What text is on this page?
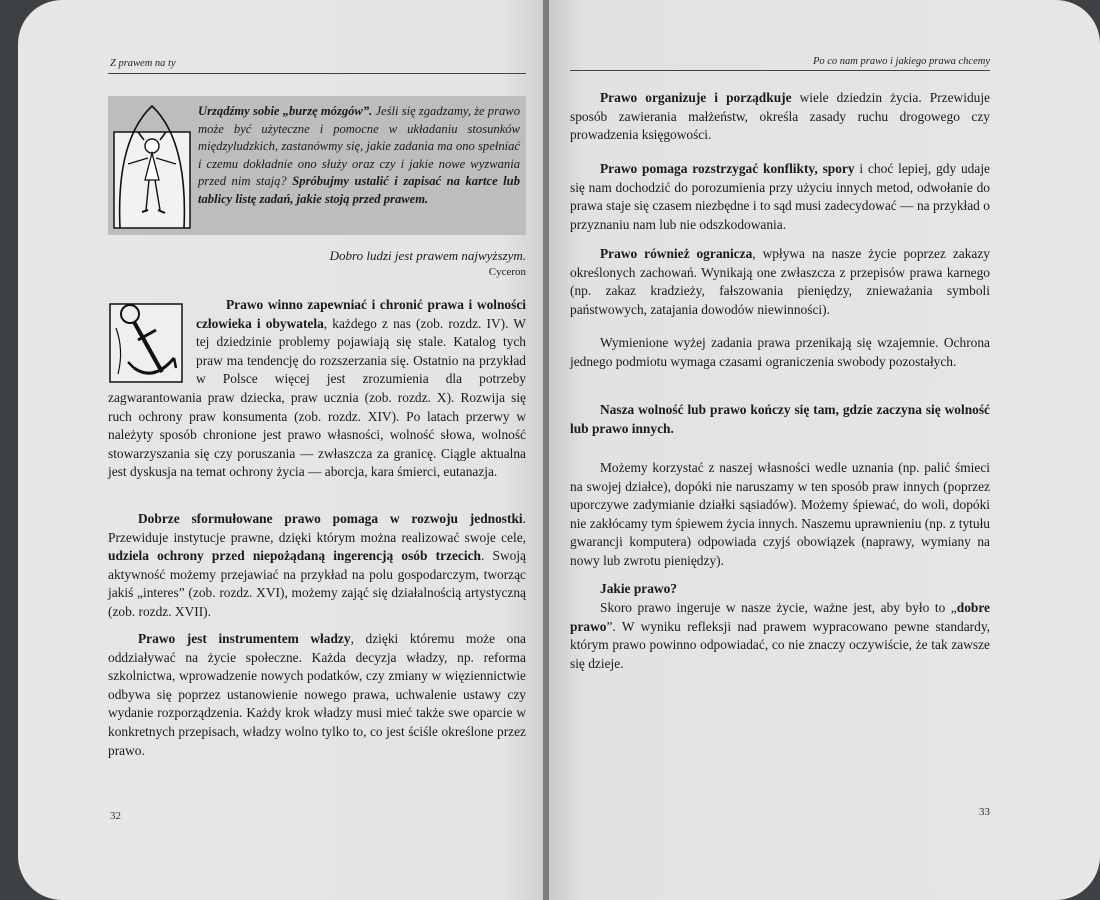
Z prawem na ty
Urządźmy sobie „burzę mózgów”. Jeśli się zgadzamy, że prawo może być użyteczne i pomocne w układaniu stosunków międzyludzkich, zastanówmy się, jakie zadania ma ono spełniać i czemu dokładnie ono służy oraz czy i jakie nowe wyzwania przed nim stają? Spróbujmy ustalić i zapisać na kartce lub tablicy listę zadań, jakie stoją przed prawem.
Dobro ludzi jest prawem najwyższym.
Cyceron

Prawo winno zapewniać i chronić prawa i wolności człowieka i obywatela, każdego z nas (zob. rozdz. IV). W tej dziedzinie problemy pojawiają się stale. Katalog tych praw ma tendencję do rozszerzania się. Ostatnio na przykład w Polsce więcej jest zrozumienia dla potrzeby zagwarantowania praw dziecka, praw ucznia (zob. rozdz. X). Rozwija się ruch ochrony praw konsumenta (zob. rozdz. XIV). Po latach przerwy w należyty sposób chronione jest prawo własności, wolność słowa, wolność stowarzyszania się czy poruszania — zwłaszcza za granicę. Ciągle aktualna jest dyskusja na temat ochrony życia — aborcja, kara śmierci, eutanazja.

Dobrze sformułowane prawo pomaga w rozwoju jednostki. Przewiduje instytucje prawne, dzięki którym można realizować swoje cele, udziela ochrony przed niepożądaną ingerencją osób trzecich. Swoją aktywność możemy przejawiać na przykład na polu gospodarczym, tworząc jakiś „interes” (zob. rozdz. XVI), możemy zająć się działalnością artystyczną (zob. rozdz. XVII).

Prawo jest instrumentem władzy, dzięki któremu może ona oddziaływać na życie społeczne. Każda decyzja władzy, np. reforma szkolnictwa, wprowadzenie nowych podatków, czy zmiany w więziennictwie odbywa się poprzez ustanowienie nowego prawa, uchwalenie ustawy czy wydanie rozporządzenia. Każdy krok władzy musi mieć także swe oparcie w konkretnych przepisach, władzy wolno tylko to, co jest ściśle określone przez prawo.

32
Po co nam prawo i jakiego prawa chcemy

Prawo organizuje i porządkuje wiele dziedzin życia. Przewiduje sposób zawierania małżeństw, określa zasady ruchu drogowego czy prowadzenia księgowości.

Prawo pomaga rozstrzygać konflikty, spory i choć lepiej, gdy udaje się nam dochodzić do porozumienia przy użyciu innych metod, odwołanie do prawa staje się czasem niezbędne i to sąd musi zadecydować — na przykład o przyznaniu nam lub nie odszkodowania.

Prawo również ogranicza, wpływa na nasze życie poprzez zakazy określonych zachowań. Wynikają one zwłaszcza z przepisów prawa karnego (np. zakaz kradzieży, fałszowania pieniędzy, znieważania symboli państwowych, zatajania dowodów niewinności).

Wymienione wyżej zadania prawa przenikają się wzajemnie. Ochrona jednego podmiotu wymaga czasami ograniczenia swobody pozostałych.

Nasza wolność lub prawo kończy się tam, gdzie zaczyna się wolność lub prawo innych.

Możemy korzystać z naszej własności wedle uznania (np. palić śmieci na swojej działce), dopóki nie naruszamy w ten sposób praw innych (poprzez uporczywe zadymianie działki sąsiadów). Możemy śpiewać, do woli, dopóki nie zakłócamy tym śpiewem życia innych. Naszemu uprawnieniu (np. z tytułu gwarancji komputera) odpowiada czyjś obowiązek (naprawy, wymiany na nowy lub zwrotu pieniędzy).

Jakie prawo?

Skoro prawo ingeruje w nasze życie, ważne jest, aby było to „dobre prawo”. W wyniku refleksji nad prawem wypracowano pewne standardy, którym prawo powinno odpowiadać, co nie znaczy oczywiście, że tak zawsze się dzieje.

33
